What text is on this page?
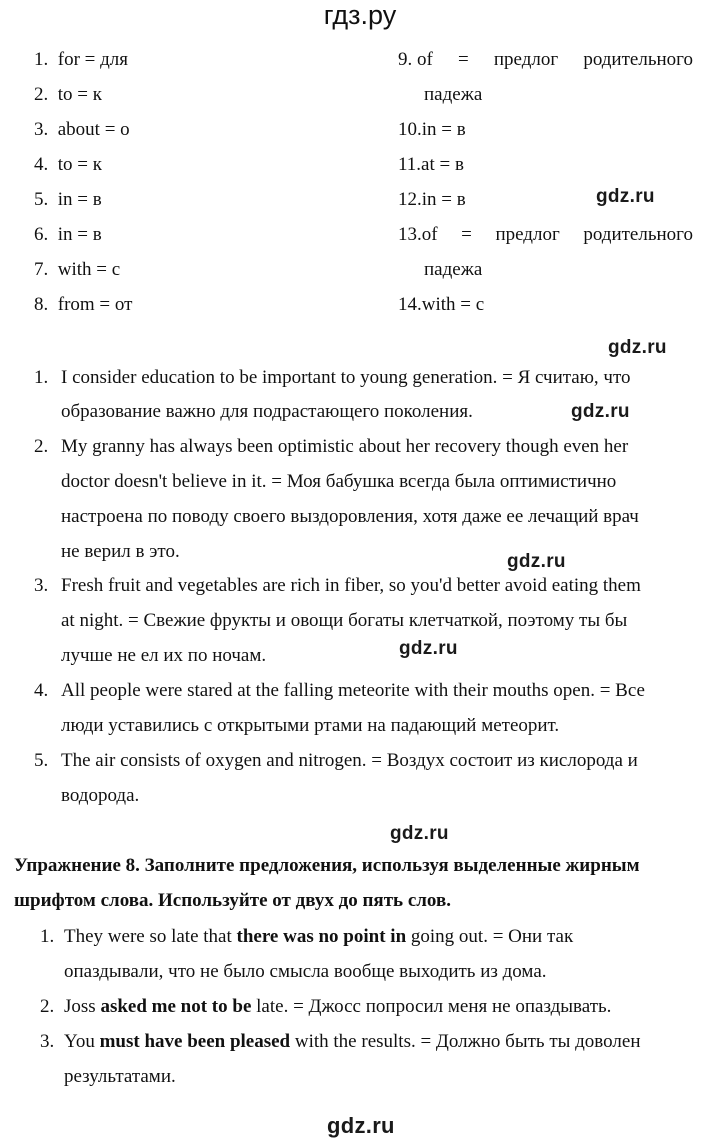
гдз.ру
1. for = для
2. to = к
3. about = о
4. to = к
5. in = в
6. in = в
7. with = с
8. from = от
9. of = предлог родительного
падежа
10.in = в
11.at = в
12.in = в
13.of = предлог родительного
падежа
14.with = с
gdz.ru
gdz.ru
gdz.ru
gdz.ru
gdz.ru
gdz.ru
gdz.ru
1. I consider education to be important to young generation. = Я считаю, что
образование важно для подрастающего поколения.
2. My granny has always been optimistic about her recovery though even her
doctor doesn't believe in it. = Моя бабушка всегда была оптимистично
настроена по поводу своего выздоровления, хотя даже ее лечащий врач
не верил в это.
3. Fresh fruit and vegetables are rich in fiber, so you'd better avoid eating them
at night. = Свежие фрукты и овощи богаты клетчаткой, поэтому ты бы
лучше не ел их по ночам.
4. All people were stared at the falling meteorite with their mouths open. = Все
люди уставились с открытыми ртами на падающий метеорит.
5. The air consists of oxygen and nitrogen. = Воздух состоит из кислорода и
водорода.
Упражнение 8. Заполните предложения, используя выделенные жирным
шрифтом слова. Используйте от двух до пять слов.
1. They were so late that there was no point in going out. = Они так
опаздывали, что не было смысла вообще выходить из дома.
2. Joss asked me not to be late. = Джосс попросил меня не опаздывать.
3. You must have been pleased with the results. = Должно быть ты доволен
результатами.
